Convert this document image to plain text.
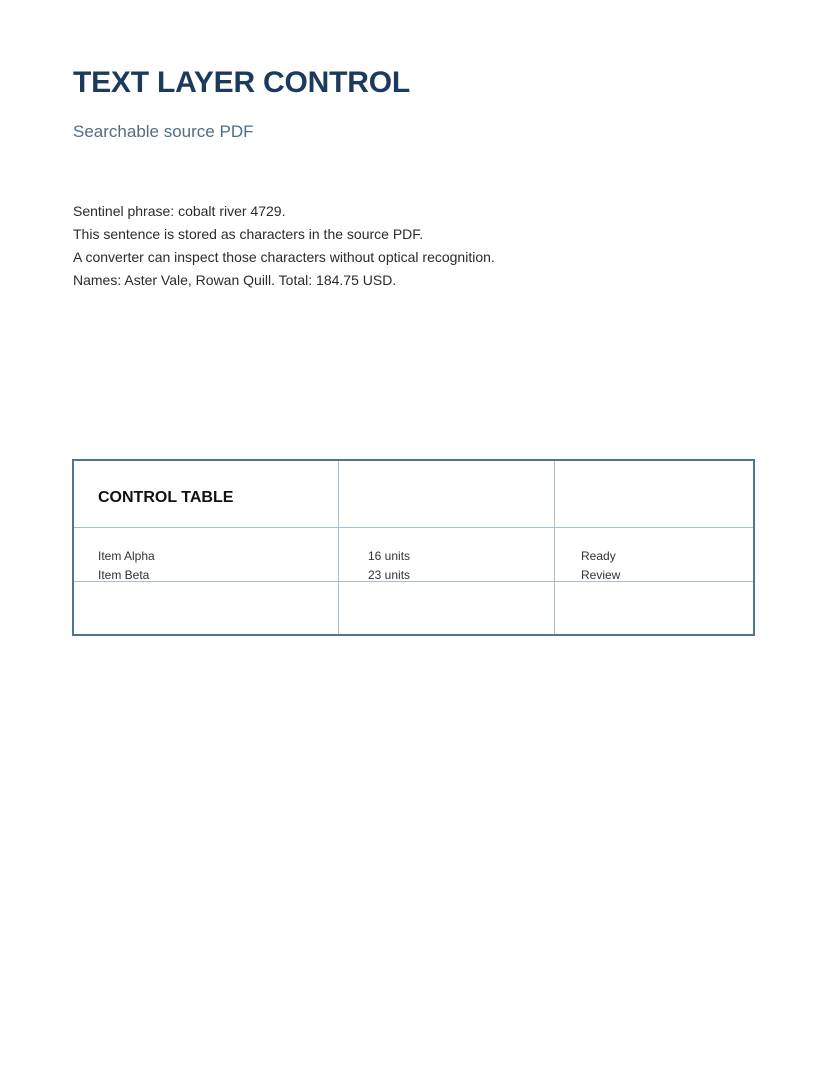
TEXT LAYER CONTROL
Searchable source PDF
Sentinel phrase: cobalt river 4729.
This sentence is stored as characters in the source PDF.
A converter can inspect those characters without optical recognition.
Names: Aster Vale, Rowan Quill. Total: 184.75 USD.
CONTROL TABLE
Item Alpha	16 units	Ready
Item Beta	23 units	Review
